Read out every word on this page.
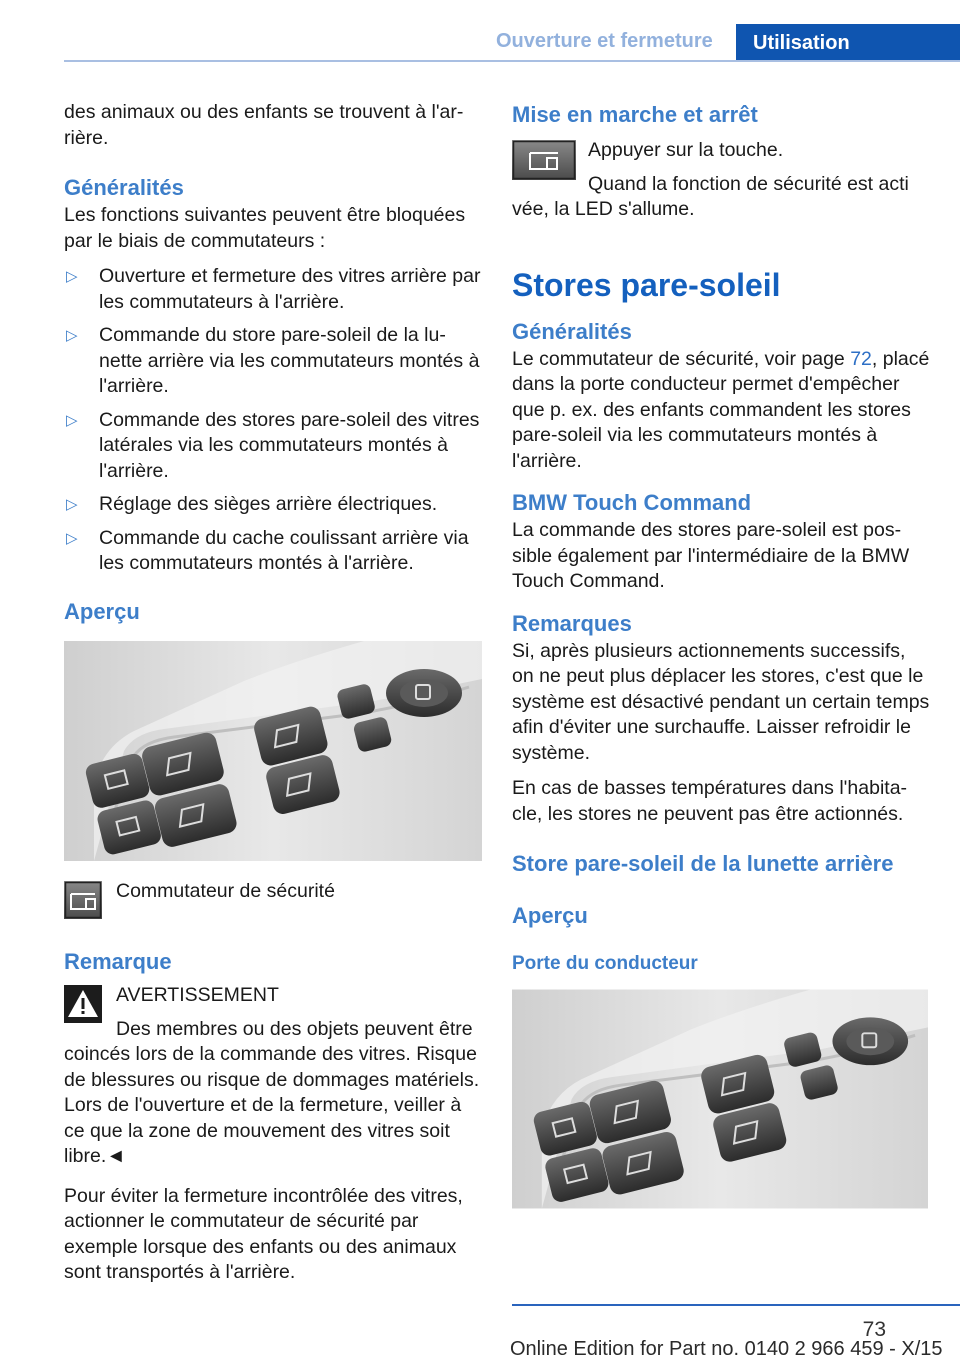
Ouverture et fermeture Utilisation

des animaux ou des enfants se trouvent à l'arrière.

Généralités

Les fonctions suivantes peuvent être bloquées par le biais de commutateurs :

▷ Ouverture et fermeture des vitres arrière par les commutateurs à l'arrière.
▷ Commande du store pare-soleil de la lunette arrière via les commutateurs montés à l'arrière.
▷ Commande des stores pare-soleil des vitres latérales via les commutateurs montés à l'arrière.
▷ Réglage des sièges arrière électriques.
▷ Commande du cache coulissant arrière via les commutateurs montés à l'arrière.
Aperçu

Commutateur de sécurité

Remarque

AVERTISSEMENT

Des membres ou des objets peuvent être coincés lors de la commande des vitres. Risque de blessures ou risque de dommages matériels. Lors de l'ouverture et de la fermeture, veiller à ce que la zone de mouvement des vitres soit libre.◄

Pour éviter la fermeture incontrôlée des vitres, actionner le commutateur de sécurité par exemple lorsque des enfants ou des animaux sont transportés à l'arrière.

Mise en marche et arrêt

Appuyer sur la touche.

Quand la fonction de sécurité est acti

vée, la LED s'allume.

Stores pare-soleil
Généralités

Le commutateur de sécurité, voir page 72, placé dans la porte conducteur permet d'empêcher que p. ex. des enfants commandent les stores pare-soleil via les commutateurs montés à l'arrière.

BMW Touch Command

La commande des stores pare-soleil est possible également par l'intermédiaire de la BMW Touch Command.

Remarques

Si, après plusieurs actionnements successifs, on ne peut plus déplacer les stores, c'est que le système est désactivé pendant un certain temps afin d'éviter une surchauffe. Laisser refroidir le système.

En cas de basses températures dans l'habitacle, les stores ne peuvent pas être actionnés.

Store pare-soleil de la lunette arrière
Aperçu
Porte du conducteur
73
Online Edition for Part no. 0140 2 966 459 - X/15
